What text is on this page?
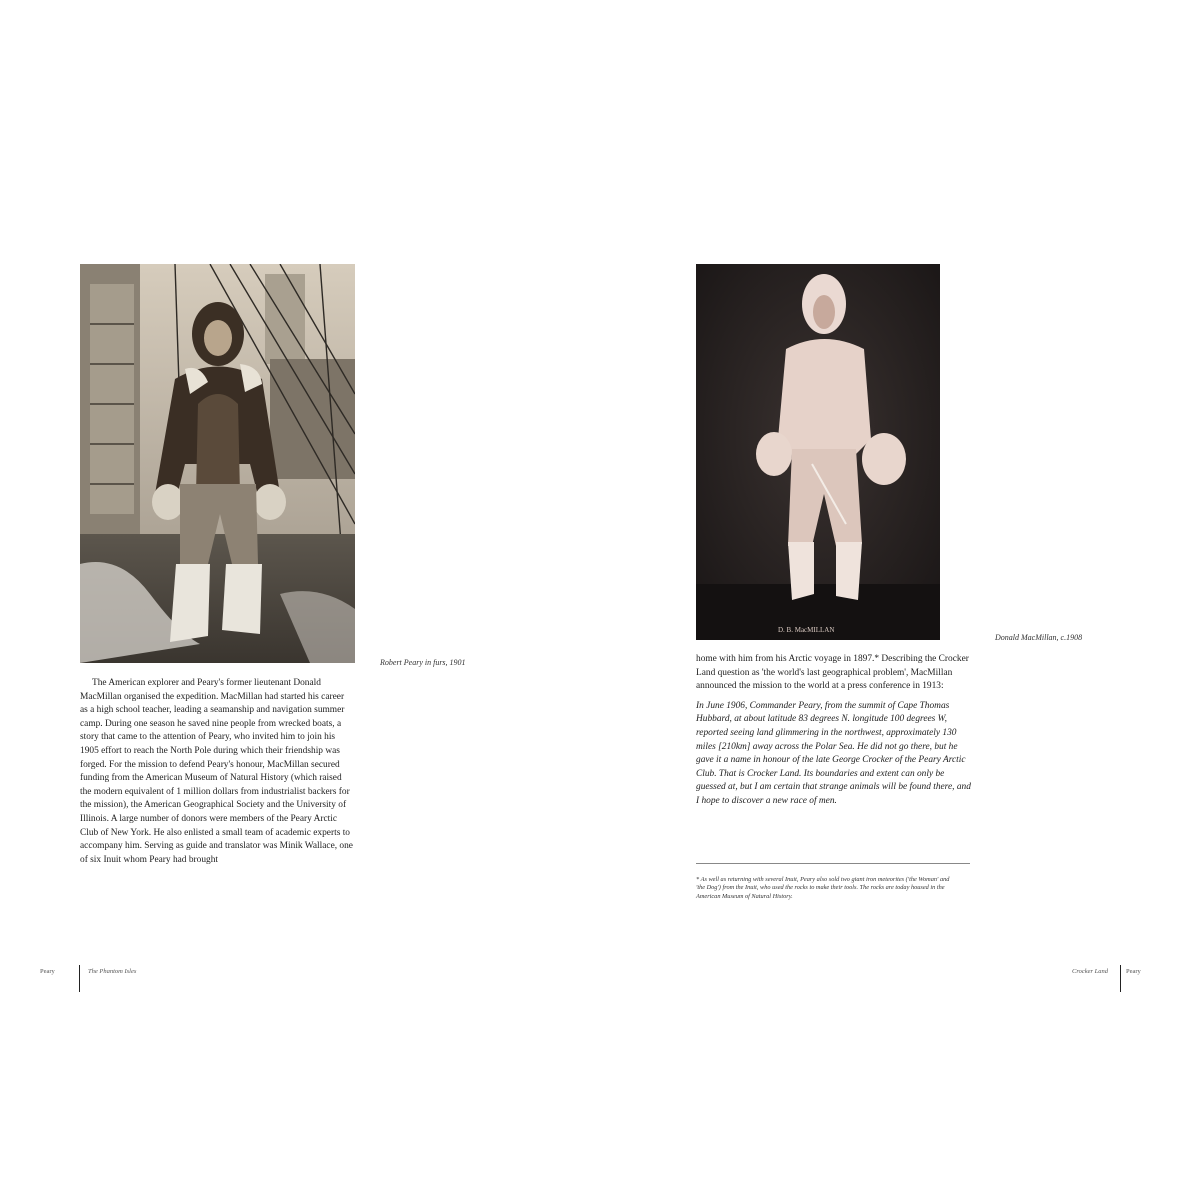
Robert Peary in furs, 1901

The American explorer and Peary's former lieutenant Donald MacMillan organised the expedition. MacMillan had started his career as a high school teacher, leading a seamanship and navigation summer camp. During one season he saved nine people from wrecked boats, a story that came to the attention of Peary, who invited him to join his 1905 effort to reach the North Pole during which their friendship was forged. For the mission to defend Peary's honour, MacMillan secured funding from the American Museum of Natural History (which raised the modern equivalent of 1 million dollars from industrialist backers for the mission), the American Geographical Society and the University of Illinois. A large number of donors were members of the Peary Arctic Club of New York. He also enlisted a small team of academic experts to accompany him. Serving as guide and translator was Minik Wallace, one of six Inuit whom Peary had brought

Peary	The Phantom Isles
D. B. MacMILLAN
Donald MacMillan, c.1908

home with him from his Arctic voyage in 1897.* Describing the Crocker Land question as 'the world's last geographical problem', MacMillan announced the mission to the world at a press conference in 1913:

In June 1906, Commander Peary, from the summit of Cape Thomas Hubbard, at about latitude 83 degrees N. longitude 100 degrees W, reported seeing land glimmering in the northwest, approximately 130 miles [210km] away across the Polar Sea. He did not go there, but he gave it a name in honour of the late George Crocker of the Peary Arctic Club. That is Crocker Land. Its boundaries and extent can only be guessed at, but I am certain that strange animals will be found there, and I hope to discover a new race of men.

* As well as returning with several Inuit, Peary also sold two giant iron meteorites ('the Woman' and 'the Dog') from the Inuit, who used the rocks to make their tools. The rocks are today housed in the American Museum of Natural History.
Crocker Land	Peary
